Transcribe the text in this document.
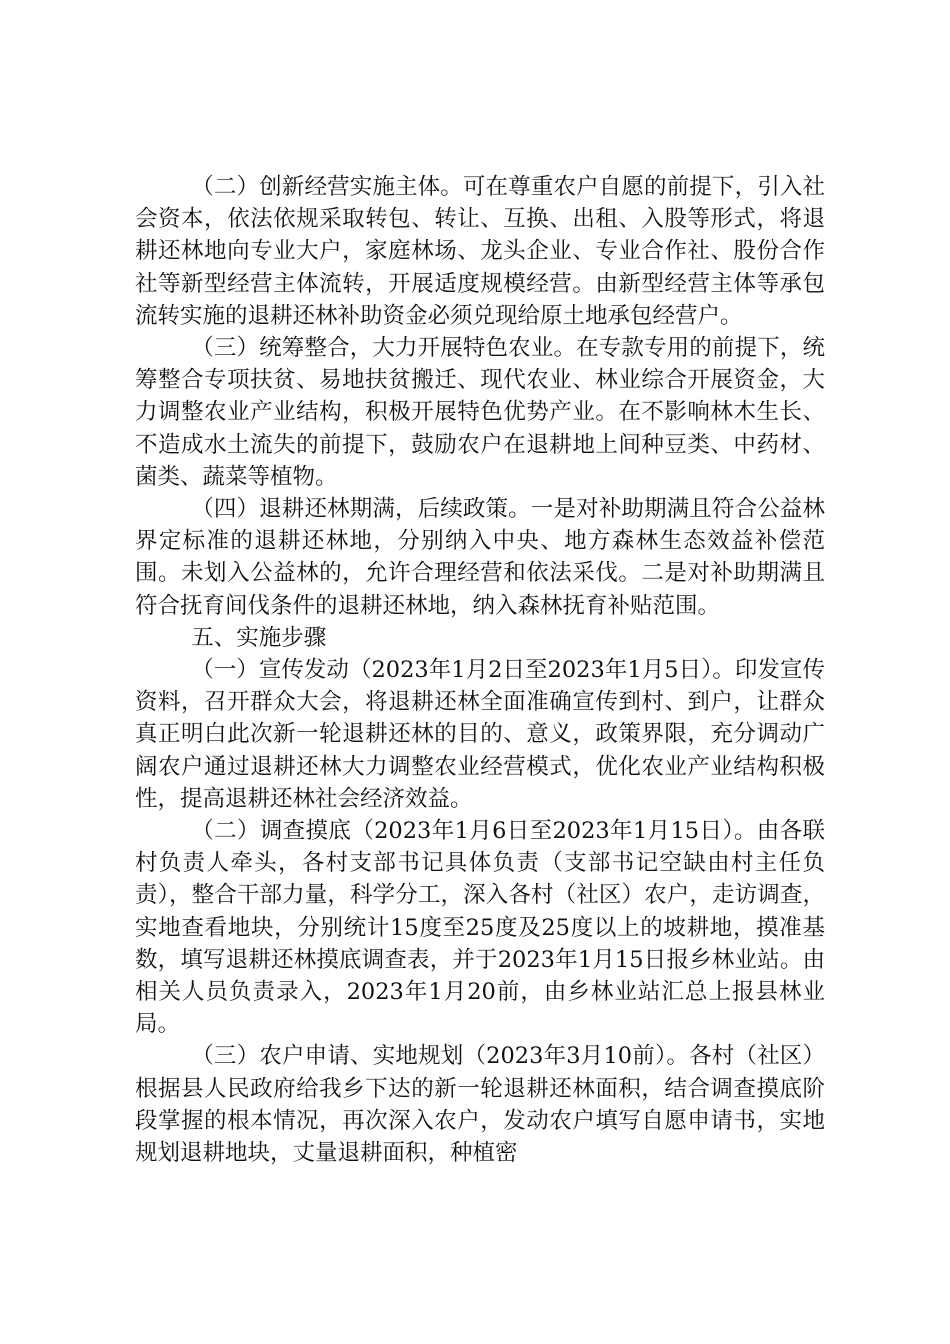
（二）创新经营实施主体。可在尊重农户自愿的前提下，引入社会资本，依法依规采取转包、转让、互换、出租、入股等形式，将退耕还林地向专业大户，家庭林场、龙头企业、专业合作社、股份合作社等新型经营主体流转，开展适度规模经营。由新型经营主体等承包流转实施的退耕还林补助资金必须兑现给原土地承包经营户。

（三）统筹整合，大力开展特色农业。在专款专用的前提下，统筹整合专项扶贫、易地扶贫搬迁、现代农业、林业综合开展资金，大力调整农业产业结构，积极开展特色优势产业。在不影响林木生长、不造成水土流失的前提下，鼓励农户在退耕地上间种豆类、中药材、菌类、蔬菜等植物。

（四）退耕还林期满，后续政策。一是对补助期满且符合公益林界定标准的退耕还林地，分别纳入中央、地方森林生态效益补偿范围。未划入公益林的，允许合理经营和依法采伐。二是对补助期满且符合抚育间伐条件的退耕还林地，纳入森林抚育补贴范围。

五、实施步骤

（一）宣传发动（2023年1月2日至2023年1月5日）。印发宣传资料，召开群众大会，将退耕还林全面准确宣传到村、到户，让群众真正明白此次新一轮退耕还林的目的、意义，政策界限，充分调动广阔农户通过退耕还林大力调整农业经营模式，优化农业产业结构积极性，提高退耕还林社会经济效益。

（二）调查摸底（2023年1月6日至2023年1月15日）。由各联村负责人牵头，各村支部书记具体负责（支部书记空缺由村主任负责），整合干部力量，科学分工，深入各村（社区）农户，走访调查，实地查看地块，分别统计15度至25度及25度以上的坡耕地，摸准基数，填写退耕还林摸底调查表，并于2023年1月15日报乡林业站。由相关人员负责录入，2023年1月20前，由乡林业站汇总上报县林业局。

（三）农户申请、实地规划（2023年3月10前）。各村（社区）根据县人民政府给我乡下达的新一轮退耕还林面积，结合调查摸底阶段掌握的根本情况，再次深入农户，发动农户填写自愿申请书，实地规划退耕地块，丈量退耕面积，种植密
